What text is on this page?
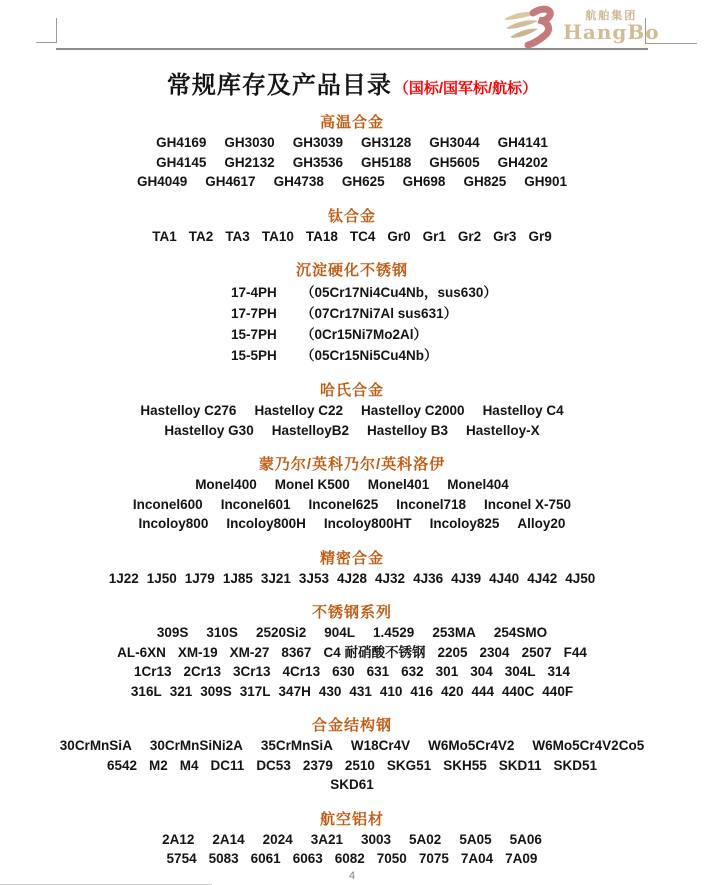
航舶集团
HangBo
常规库存及产品目录 （国标/国军标/航标）
高温合金
GH4169 GH3030 GH3039 GH3128 GH3044 GH4141
GH4145 GH2132 GH3536 GH5188 GH5605 GH4202
GH4049 GH4617 GH4738 GH625 GH698 GH825 GH901
钛合金
TA1 TA2 TA3 TA10 TA18 TC4 Gr0 Gr1 Gr2 Gr3 Gr9
沉淀硬化不锈钢
17-4PH	（05Cr17Ni4Cu4Nb，sus630）
17-7PH	（07Cr17Ni7Al sus631）
15-7PH	（0Cr15Ni7Mo2Al）
15-5PH	（05Cr15Ni5Cu4Nb）
哈氏合金
Hastelloy C276 Hastelloy C22 Hastelloy C2000 Hastelloy C4
Hastelloy G30 HastelloyB2 Hastelloy B3 Hastelloy-X
蒙乃尔/英科乃尔/英科洛伊
Monel400 Monel K500 Monel401 Monel404
Inconel600 Inconel601 Inconel625 Inconel718 Inconel X-750
Incoloy800 Incoloy800H Incoloy800HT Incoloy825 Alloy20
精密合金
1J22 1J50 1J79 1J85 3J21 3J53 4J28 4J32 4J36 4J39 4J40 4J42 4J50
不锈钢系列
309S 310S 2520Si2 904L 1.4529 253MA 254SMO
AL-6XN XM-19 XM-27 8367 C4 耐硝酸不锈钢 2205 2304 2507 F44
1Cr13 2Cr13 3Cr13 4Cr13 630 631 632 301 304 304L 314
316L 321 309S 317L 347H 430 431 410 416 420 444 440C 440F
合金结构钢
30CrMnSiA 30CrMnSiNi2A 35CrMnSiA W18Cr4V W6Mo5Cr4V2 W6Mo5Cr4V2Co5
6542 M2 M4 DC11 DC53 2379 2510 SKG51 SKH55 SKD11 SKD51
SKD61
航空铝材
2A12 2A14 2024 3A21 3003 5A02 5A05 5A06
5754 5083 6061 6063 6082 7050 7075 7A04 7A09
4
